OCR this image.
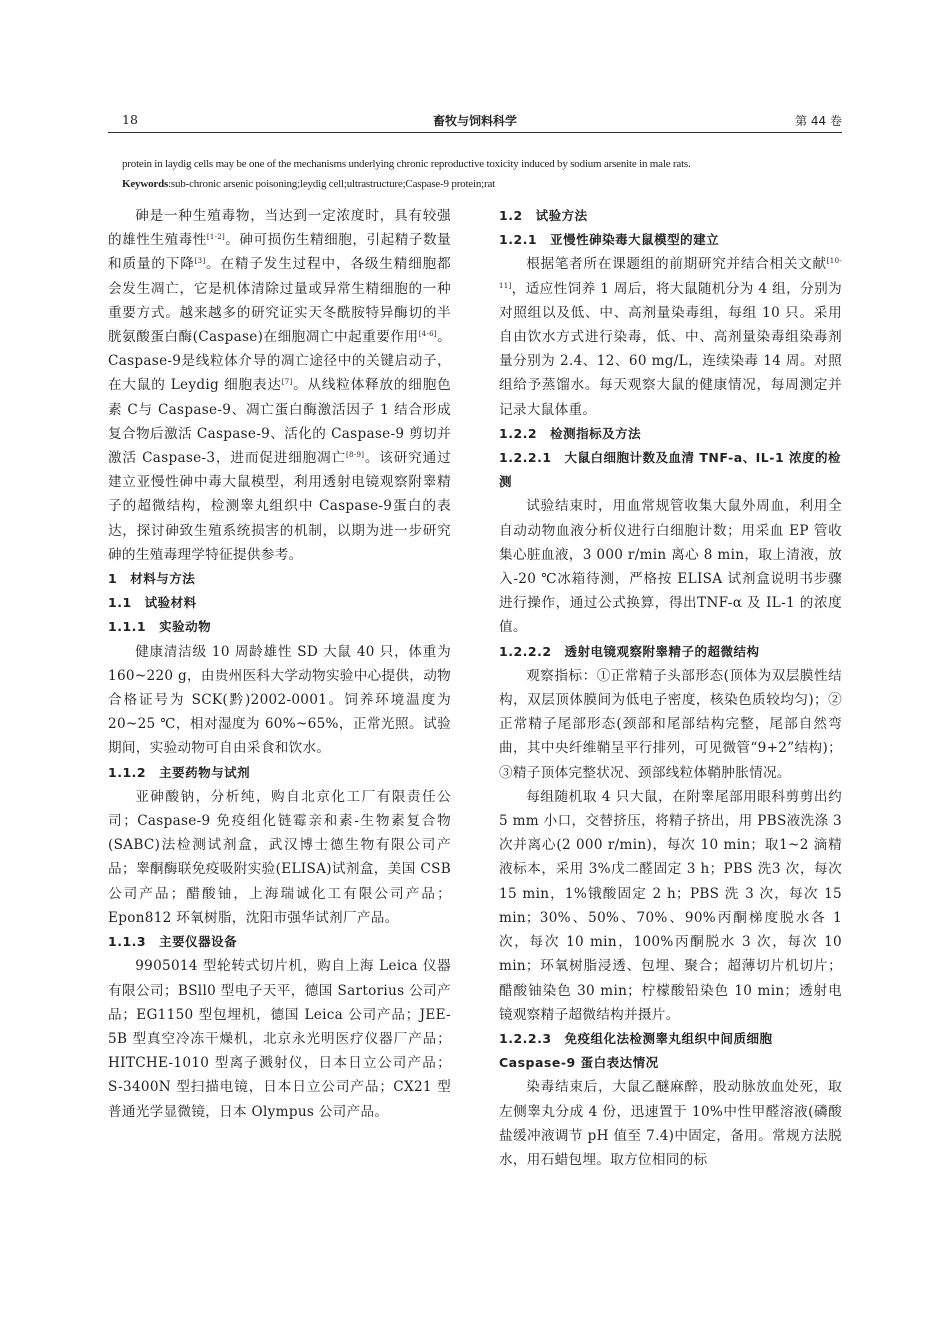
18	畜牧与饲料科学	第 44 卷
protein in laydig cells may be one of the mechanisms underlying chronic reproductive toxicity induced by sodium arsenite in male rats.
Keywords:sub-chronic arsenic poisoning;leydig cell;ultrastructure;Caspase-9 protein;rat

砷是一种生殖毒物，当达到一定浓度时，具有较强的雄性生殖毒性[1-2]。砷可损伤生精细胞，引起精子数量和质量的下降[3]。在精子发生过程中，各级生精细胞都会发生凋亡，它是机体清除过量或异常生精细胞的一种重要方式。越来越多的研究证实天冬酰胺特异酶切的半胱氨酸蛋白酶(Caspase)在细胞凋亡中起重要作用[4-6]。Caspase-9是线粒体介导的凋亡途径中的关键启动子，在大鼠的 Leydig 细胞表达[7]。从线粒体释放的细胞色素 C与 Caspase-9、凋亡蛋白酶激活因子 1 结合形成复合物后激活 Caspase-9、活化的 Caspase-9 剪切并激活 Caspase-3，进而促进细胞凋亡[8-9]。该研究通过建立亚慢性砷中毒大鼠模型，利用透射电镜观察附睾精子的超微结构，检测睾丸组织中 Caspase-9蛋白的表达，探讨砷致生殖系统损害的机制，以期为进一步研究砷的生殖毒理学特征提供参考。

1　材料与方法
1.1　试验材料
1.1.1　实验动物

健康清洁级 10 周龄雄性 SD 大鼠 40 只，体重为 160~220 g，由贵州医科大学动物实验中心提供，动物合格证号为 SCK(黔)2002-0001。饲养环境温度为 20~25 ℃，相对湿度为 60%~65%，正常光照。试验期间，实验动物可自由采食和饮水。

1.1.2　主要药物与试剂

亚砷酸钠，分析纯，购自北京化工厂有限责任公司；Caspase-9 免疫组化链霉亲和素-生物素复合物(SABC)法检测试剂盒，武汉博士德生物有限公司产品；睾酮酶联免疫吸附实验(ELISA)试剂盒，美国 CSB 公司产品；醋酸铀，上海瑞诚化工有限公司产品；Epon812 环氧树脂，沈阳市强华试剂厂产品。

1.1.3　主要仪器设备

9905014 型轮转式切片机，购自上海 Leica 仪器有限公司；BSll0 型电子天平，德国 Sartorius 公司产品；EG1150 型包埋机，德国 Leica 公司产品；JEE-5B 型真空冷冻干燥机，北京永光明医疗仪器厂产品；HITCHE-1010 型离子溅射仪，日本日立公司产品；S-3400N 型扫描电镜，日本日立公司产品；CX21 型普通光学显微镜，日本 Olympus 公司产品。

1.2　试验方法
1.2.1　亚慢性砷染毒大鼠模型的建立

根据笔者所在课题组的前期研究并结合相关文献[10-11]，适应性饲养 1 周后，将大鼠随机分为 4 组，分别为对照组以及低、中、高剂量染毒组，每组 10 只。采用自由饮水方式进行染毒，低、中、高剂量染毒组染毒剂量分别为 2.4、12、60 mg/L，连续染毒 14 周。对照组给予蒸馏水。每天观察大鼠的健康情况，每周测定并记录大鼠体重。

1.2.2　检测指标及方法
1.2.2.1　大鼠白细胞计数及血清 TNF-a、IL-1 浓度的检测

试验结束时，用血常规管收集大鼠外周血，利用全自动动物血液分析仪进行白细胞计数；用采血 EP 管收集心脏血液，3 000 r/min 离心 8 min，取上清液，放入-20 ℃冰箱待测，严格按 ELISA 试剂盒说明书步骤进行操作，通过公式换算，得出TNF-α 及 IL-1 的浓度值。

1.2.2.2　透射电镜观察附睾精子的超微结构

观察指标：①正常精子头部形态(顶体为双层膜性结构，双层顶体膜间为低电子密度，核染色质较均匀)；②正常精子尾部形态(颈部和尾部结构完整，尾部自然弯曲，其中央纤维鞘呈平行排列，可见微管“9+2”结构)；③精子顶体完整状况、颈部线粒体鞘肿胀情况。

每组随机取 4 只大鼠，在附睾尾部用眼科剪剪出约 5 mm 小口，交替挤压，将精子挤出，用 PBS液洗涤 3 次并离心(2 000 r/min)，每次 10 min；取1~2 滴精液标本，采用 3%戊二醛固定 3 h；PBS 洗3 次，每次 15 min，1%锇酸固定 2 h；PBS 洗 3 次，每次 15 min；30%、50%、70%、90%丙酮梯度脱水各 1 次，每次 10 min，100%丙酮脱水 3 次，每次 10 min；环氧树脂浸透、包埋、聚合；超薄切片机切片；醋酸铀染色 30 min；柠檬酸铅染色 10 min；透射电镜观察精子超微结构并摄片。

1.2.2.3　免疫组化法检测睾丸组织中间质细胞 Caspase-9 蛋白表达情况

染毒结束后，大鼠乙醚麻醉，股动脉放血处死，取左侧睾丸分成 4 份，迅速置于 10%中性甲醛溶液(磷酸盐缓冲液调节 pH 值至 7.4)中固定，备用。常规方法脱水，用石蜡包埋。取方位相同的标
